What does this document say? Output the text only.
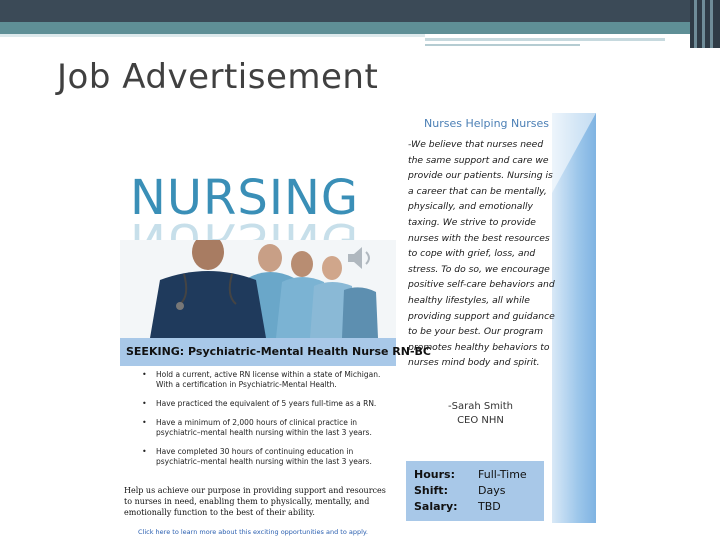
Job Advertisement
NURSING
SEEKING: Psychiatric-Mental Health Nurse RN-BC
• Hold a current, active RN license within a state of Michigan. With a certification in Psychiatric-Mental Health.
• Have practiced the equivalent of 5 years full-time as a RN.
• Have a minimum of 2,000 hours of clinical practice in psychiatric–mental health nursing within the last 3 years.
• Have completed 30 hours of continuing education in psychiatric–mental health nursing within the last 3 years.
Help us achieve our purpose in providing support and resources to nurses in need, enabling them to physically, mentally, and emotionally function to the best of their ability.
Click here to learn more about this exciting opportunities and to apply.
Nurses Helping Nurses
-We believe that nurses need the same support and care we provide our patients. Nursing is a career that can be mentally, physically, and emotionally taxing. We strive to provide nurses with the best resources to cope with grief, loss, and stress. To do so, we encourage positive self-care behaviors and healthy lifestyles, all while providing support and guidance to be your best. Our program promotes healthy behaviors to nurses mind body and spirit.
-Sarah Smith
CEO NHN
Hours:	Full-Time
Shift:	Days
Salary:	TBD
